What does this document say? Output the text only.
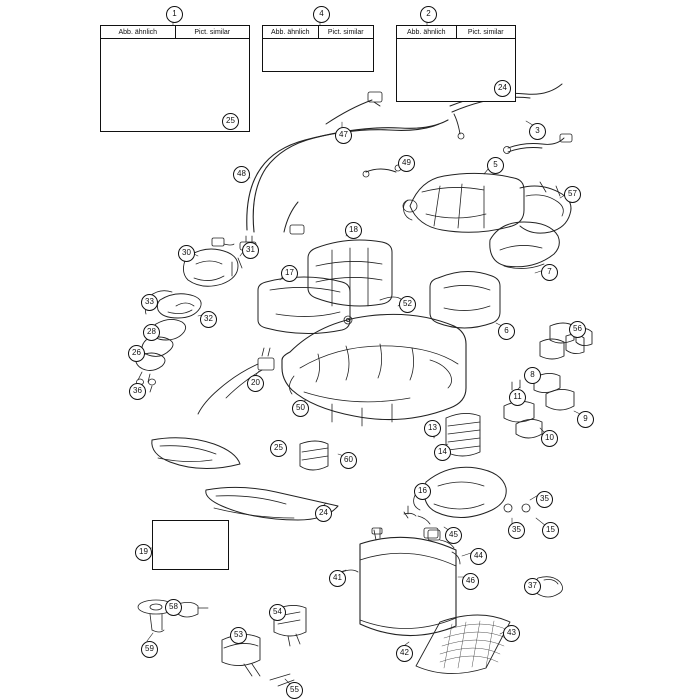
Abb. ähnlich	Pict. similar	Abb. ähnlich	Pict. similar	Abb. ähnlich	Pict. similar
1	4	2
25
24
3
47
49	5
48
57
18
30	31
7
17
52
33
32
28	6	56
26
8
36
11
20
9
50
10
13
14
25
60
16
35
24
45
35	15
19	44
41	46
37
58
54
59
53
42
43
55
